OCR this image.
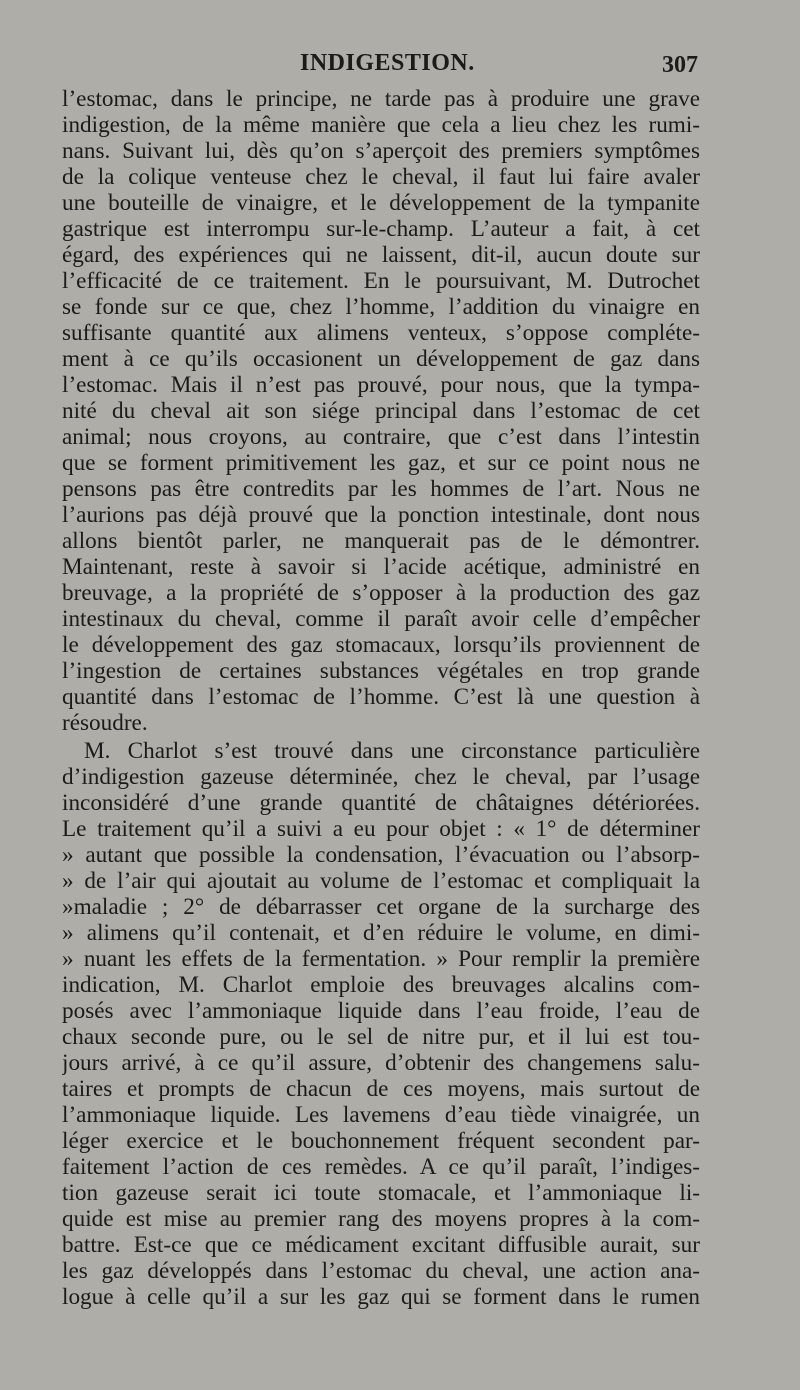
INDIGESTION.	307
l’estomac, dans le principe, ne tarde pas à produire une grave
indigestion, de la même manière que cela a lieu chez les rumi-
nans. Suivant lui, dès qu’on s’aperçoit des premiers symptômes
de la colique venteuse chez le cheval, il faut lui faire avaler
une bouteille de vinaigre, et le développement de la tympanite
gastrique est interrompu sur-le-champ. L’auteur a fait, à cet
égard, des expériences qui ne laissent, dit-il, aucun doute sur
l’efficacité de ce traitement. En le poursuivant, M. Dutrochet
se fonde sur ce que, chez l’homme, l’addition du vinaigre en
suffisante quantité aux alimens venteux, s’oppose compléte-
ment à ce qu’ils occasionent un développement de gaz dans
l’estomac. Mais il n’est pas prouvé, pour nous, que la tympa-
nité du cheval ait son siége principal dans l’estomac de cet
animal; nous croyons, au contraire, que c’est dans l’intestin
que se forment primitivement les gaz, et sur ce point nous ne
pensons pas être contredits par les hommes de l’art. Nous ne
l’aurions pas déjà prouvé que la ponction intestinale, dont nous
allons bientôt parler, ne manquerait pas de le démontrer.
Maintenant, reste à savoir si l’acide acétique, administré en
breuvage, a la propriété de s’opposer à la production des gaz
intestinaux du cheval, comme il paraît avoir celle d’empêcher
le développement des gaz stomacaux, lorsqu’ils proviennent de
l’ingestion de certaines substances végétales en trop grande
quantité dans l’estomac de l’homme. C’est là une question à
résoudre.
M. Charlot s’est trouvé dans une circonstance particulière
d’indigestion gazeuse déterminée, chez le cheval, par l’usage
inconsidéré d’une grande quantité de châtaignes détériorées.
Le traitement qu’il a suivi a eu pour objet : « 1° de déterminer
» autant que possible la condensation, l’évacuation ou l’absorp-
» de l’air qui ajoutait au volume de l’estomac et compliquait la
»maladie ; 2° de débarrasser cet organe de la surcharge des
» alimens qu’il contenait, et d’en réduire le volume, en dimi-
» nuant les effets de la fermentation. » Pour remplir la première
indication, M. Charlot emploie des breuvages alcalins com-
posés avec l’ammoniaque liquide dans l’eau froide, l’eau de
chaux seconde pure, ou le sel de nitre pur, et il lui est tou-
jours arrivé, à ce qu’il assure, d’obtenir des changemens salu-
taires et prompts de chacun de ces moyens, mais surtout de
l’ammoniaque liquide. Les lavemens d’eau tiède vinaigrée, un
léger exercice et le bouchonnement fréquent secondent par-
faitement l’action de ces remèdes. A ce qu’il paraît, l’indiges-
tion gazeuse serait ici toute stomacale, et l’ammoniaque li-
quide est mise au premier rang des moyens propres à la com-
battre. Est-ce que ce médicament excitant diffusible aurait, sur
les gaz développés dans l’estomac du cheval, une action ana-
logue à celle qu’il a sur les gaz qui se forment dans le rumen
